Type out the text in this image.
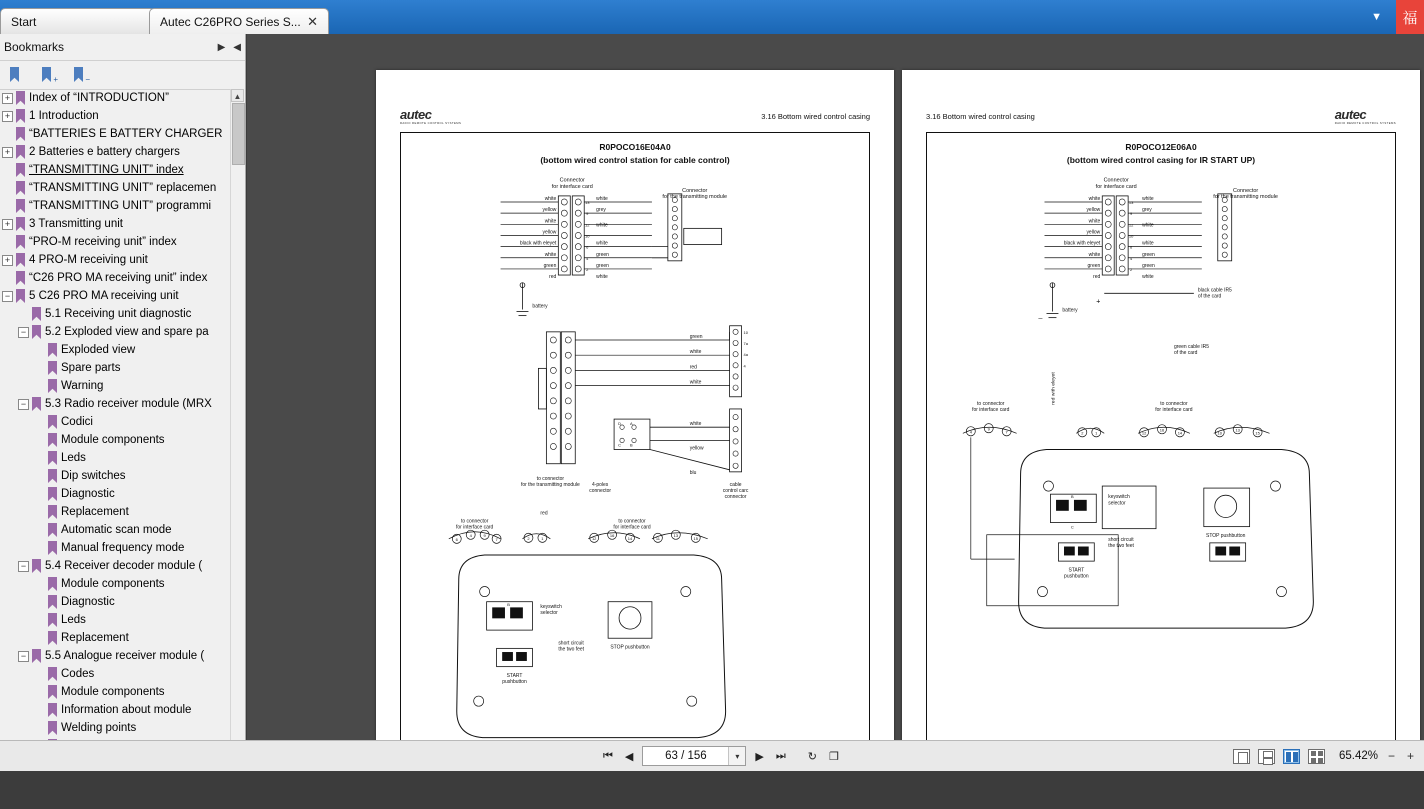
Start	Autec C26PRO Series S... ✕	▼	福
Bookmarks	▶ ◀
+	−
+ Index of “INTRODUCTION”
+ 1 Introduction
“BATTERIES E BATTERY CHARGER
+ 2 Batteries e battery chargers
“TRANSMITTING UNIT” index
“TRANSMITTING UNIT” replacemen
“TRANSMITTING UNIT” programmi
+ 3 Transmitting unit
“PRO-M receiving unit” index
+ 4 PRO-M receiving unit
“C26 PRO MA receiving unit” index
− 5 C26 PRO MA receiving unit
5.1 Receiving unit diagnostic
− 5.2 Exploded view and spare pa
Exploded view
Spare parts
Warning
− 5.3 Radio receiver module (MRX
Codici
Module components
Leds
Dip switches
Diagnostic
Replacement
Automatic scan mode
Manual frequency mode
− 5.4 Receiver decoder module (
Module components
Diagnostic
Leds
Replacement
− 5.5 Analogue receiver module (
Codes
Module components
Information about module
Welding points
▲
autec
RADIO REMOTE CONTROL SYSTEMS
3.16 Bottom wired control casing
R0POCO16E04A0
(bottom wired control station for cable control)
Connector
for interface card
Connector
for the transmitting module
white
yellow
white
yellow
black with eleyet
white
green
red
13
9
12
10
6
4
2
white
grey
white
white
green
green
white
battery
green
white
red
white
white
yellow
blu
10
7a
4a
4
D A
C B
4-poles
connector
cable
control carc
connector
to connector
for the transmitting module
to connector
for interface card
to connector
for interface card
red
6
4	9
7	2	1	12
16
14	11
13
15
B	keyswitch
selector
STOP pushbutton
START
pushbutton
short circuit
the two feet
3.16 Bottom wired control casing	autec
RADIO REMOTE CONTROL SYSTEMS
R0POCO12E06A0
(bottom wired control casing for IR START UP)
Connector
for interface card
Connector
for the transmitting module
white
yellow
white
yellow
black with eleyet
white
green
red
13
9
12
10
6
4
2
white
grey
white
white
green
green
white
battery
+
_
black cable IR5
of the card
green cable IR5
of the card
to connector
for interface card
to connector
for interface card
red with eleyet
4
9
7	2	1	12
16
14	10
13
15
B
C
keyswitch
selector
short circuit
the two feet
STOP pushbutton
START
pushbutton
⏮ ◀	63 / 156	▾	▶ ⏭ ↻ ❐	65.42% − +
